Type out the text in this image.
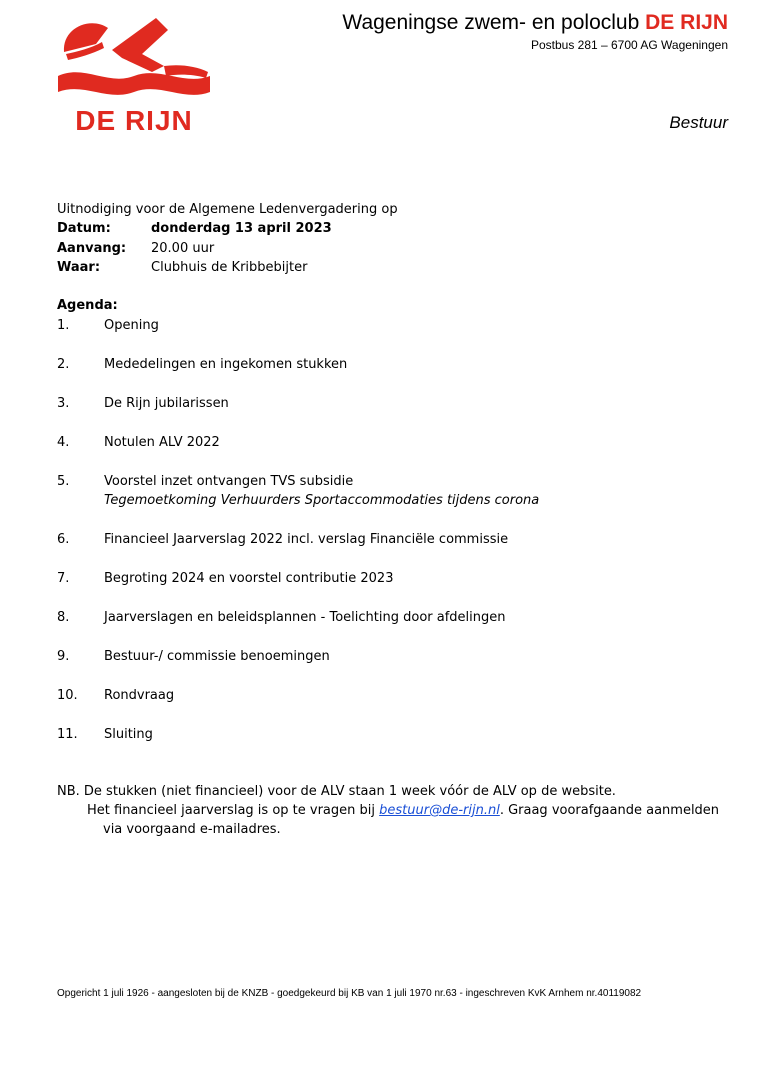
DE RIJN
Wageningse zwem- en poloclub DE RIJN
Postbus 281 – 6700 AG Wageningen
Bestuur
Uitnodiging voor de Algemene Ledenvergadering op
Datum:	donderdag 13 april 2023
Aanvang:	20.00 uur
Waar:	Clubhuis de Kribbebijter
Agenda:
1.	Opening
2.	Mededelingen en ingekomen stukken
3.	De Rijn jubilarissen
4.	Notulen ALV 2022
5.	Voorstel inzet ontvangen TVS subsidie
Tegemoetkoming Verhuurders Sportaccommodaties tijdens corona
6.	Financieel Jaarverslag 2022 incl. verslag Financiële commissie
7.	Begroting 2024 en voorstel contributie 2023
8.	Jaarverslagen en beleidsplannen - Toelichting door afdelingen
9.	Bestuur-/ commissie benoemingen
10.	Rondvraag
11.	Sluiting
NB. De stukken (niet financieel) voor de ALV staan 1 week vóór de ALV op de website.
Het financieel jaarverslag is op te vragen bij bestuur@de-rijn.nl. Graag voorafgaande aanmelden
via voorgaand e-mailadres.
Opgericht 1 juli 1926 - aangesloten bij de KNZB - goedgekeurd bij KB van 1 juli 1970 nr.63 - ingeschreven KvK Arnhem nr.40119082
